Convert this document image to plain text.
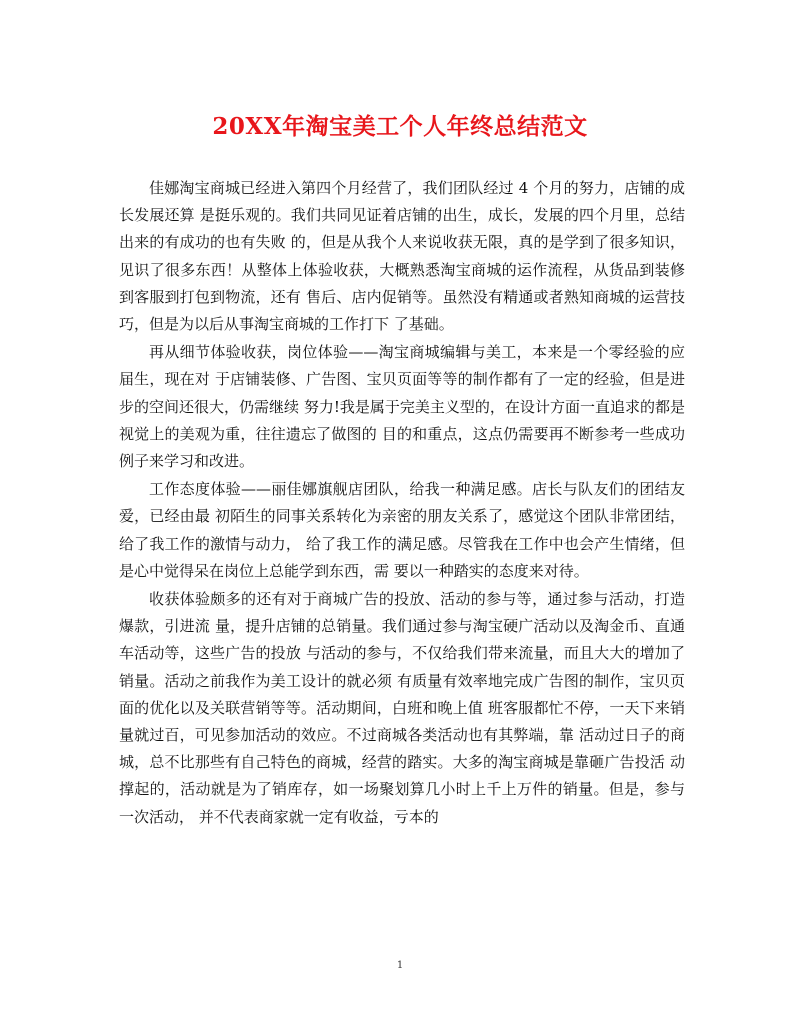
20XX年淘宝美工个人年终总结范文

佳娜淘宝商城已经进入第四个月经营了，我们团队经过 4 个月的努力，店铺的成长发展还算 是挺乐观的。我们共同见证着店铺的出生，成长，发展的四个月里，总结出来的有成功的也有失败 的，但是从我个人来说收获无限，真的是学到了很多知识，见识了很多东西！从整体上体验收获，大概熟悉淘宝商城的运作流程，从货品到装修到客服到打包到物流，还有 售后、店内促销等。虽然没有精通或者熟知商城的运营技巧，但是为以后从事淘宝商城的工作打下 了基础。

再从细节体验收获，岗位体验——淘宝商城编辑与美工，本来是一个零经验的应届生，现在对 于店铺装修、广告图、宝贝页面等等的制作都有了一定的经验，但是进步的空间还很大，仍需继续 努力!我是属于完美主义型的，在设计方面一直追求的都是视觉上的美观为重，往往遗忘了做图的 目的和重点，这点仍需要再不断参考一些成功例子来学习和改进。

工作态度体验——丽佳娜旗舰店团队，给我一种满足感。店长与队友们的团结友爱，已经由最 初陌生的同事关系转化为亲密的朋友关系了，感觉这个团队非常团结，给了我工作的激情与动力， 给了我工作的满足感。尽管我在工作中也会产生情绪，但是心中觉得呆在岗位上总能学到东西，需 要以一种踏实的态度来对待。

收获体验颇多的还有对于商城广告的投放、活动的参与等，通过参与活动，打造爆款，引进流 量，提升店铺的总销量。我们通过参与淘宝硬广活动以及淘金币、直通车活动等，这些广告的投放 与活动的参与，不仅给我们带来流量，而且大大的增加了销量。活动之前我作为美工设计的就必须 有质量有效率地完成广告图的制作，宝贝页面的优化以及关联营销等等。活动期间，白班和晚上值 班客服都忙不停，一天下来销量就过百，可见参加活动的效应。不过商城各类活动也有其弊端，靠 活动过日子的商城，总不比那些有自己特色的商城，经营的踏实。大多的淘宝商城是靠砸广告投活 动撑起的，活动就是为了销库存，如一场聚划算几小时上千上万件的销量。但是，参与一次活动， 并不代表商家就一定有收益，亏本的

1
